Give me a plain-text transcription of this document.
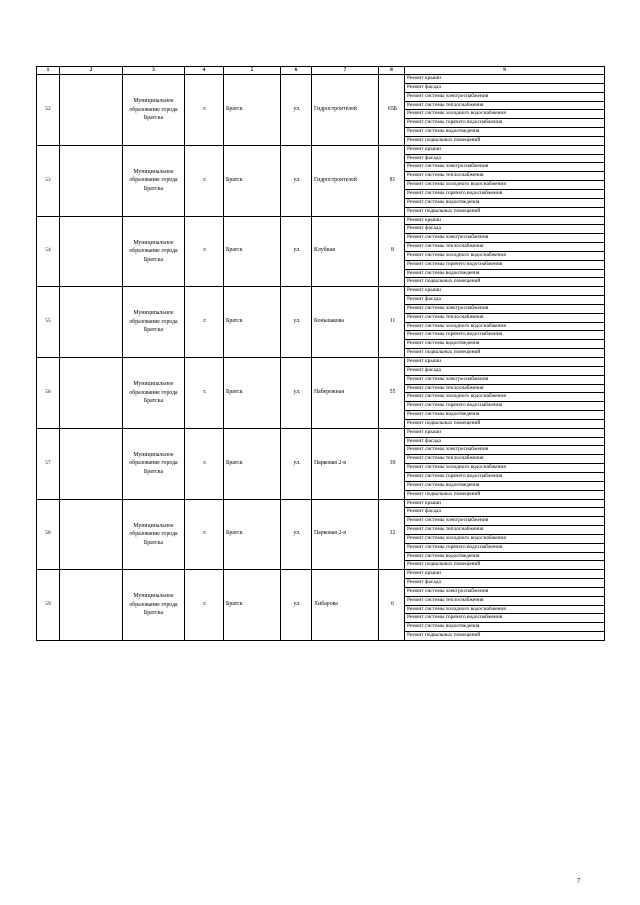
1	2	3	4	5	6	7	8	9
52		Муниципальное образование города Братска	г.	Братск	ул.	Гидростроителей	65Б	Ремонт крыши
								Ремонт фасада
								Ремонт системы электроснабжения
								Ремонт системы теплоснабжения
								Ремонт системы холодного водоснабжения
								Ремонт системы горячего водоснабжения
								Ремонт системы водоотведения
								Ремонт подвальных помещений
53		Муниципальное образование города Братска	г.	Братск	ул.	Гидростроителей	81	Ремонт крыши
								Ремонт фасада
								Ремонт системы электроснабжения
								Ремонт системы теплоснабжения
								Ремонт системы холодного водоснабжения
								Ремонт системы горячего водоснабжения
								Ремонт системы водоотведения
								Ремонт подвальных помещений
54		Муниципальное образование города Братска	г.	Братск	ул.	Клубная	8	Ремонт крыши
								Ремонт фасада
								Ремонт системы электроснабжения
								Ремонт системы теплоснабжения
								Ремонт системы холодного водоснабжения
								Ремонт системы горячего водоснабжения
								Ремонт системы водоотведения
								Ремонт подвальных помещений
55		Муниципальное образование города Братска	г.	Братск	ул.	Коньшакова	11	Ремонт крыши
								Ремонт фасада
								Ремонт системы электроснабжения
								Ремонт системы теплоснабжения
								Ремонт системы холодного водоснабжения
								Ремонт системы горячего водоснабжения
								Ремонт системы водоотведения
								Ремонт подвальных помещений
56		Муниципальное образование города Братска	г.	Братск	ул.	Набережная	55	Ремонт крыши
								Ремонт фасада
								Ремонт системы электроснабжения
								Ремонт системы теплоснабжения
								Ремонт системы холодного водоснабжения
								Ремонт системы горячего водоснабжения
								Ремонт системы водоотведения
								Ремонт подвальных помещений
57		Муниципальное образование города Братска	г.	Братск	ул.	Парковая 2-я	10	Ремонт крыши
								Ремонт фасада
								Ремонт системы электроснабжения
								Ремонт системы теплоснабжения
								Ремонт системы холодного водоснабжения
								Ремонт системы горячего водоснабжения
								Ремонт системы водоотведения
								Ремонт подвальных помещений
58		Муниципальное образование города Братска	г.	Братск	ул.	Парковая 2-я	12	Ремонт крыши
								Ремонт фасада
								Ремонт системы электроснабжения
								Ремонт системы теплоснабжения
								Ремонт системы холодного водоснабжения
								Ремонт системы горячего водоснабжения
								Ремонт системы водоотведения
								Ремонт подвальных помещений
59		Муниципальное образование города Братска	г.	Братск	ул.	Хибарова	6	Ремонт крыши
								Ремонт фасада
								Ремонт системы электроснабжения
								Ремонт системы теплоснабжения
								Ремонт системы холодного водоснабжения
								Ремонт системы горячего водоснабжения
								Ремонт системы водоотведения
								Ремонт подвальных помещений
7
